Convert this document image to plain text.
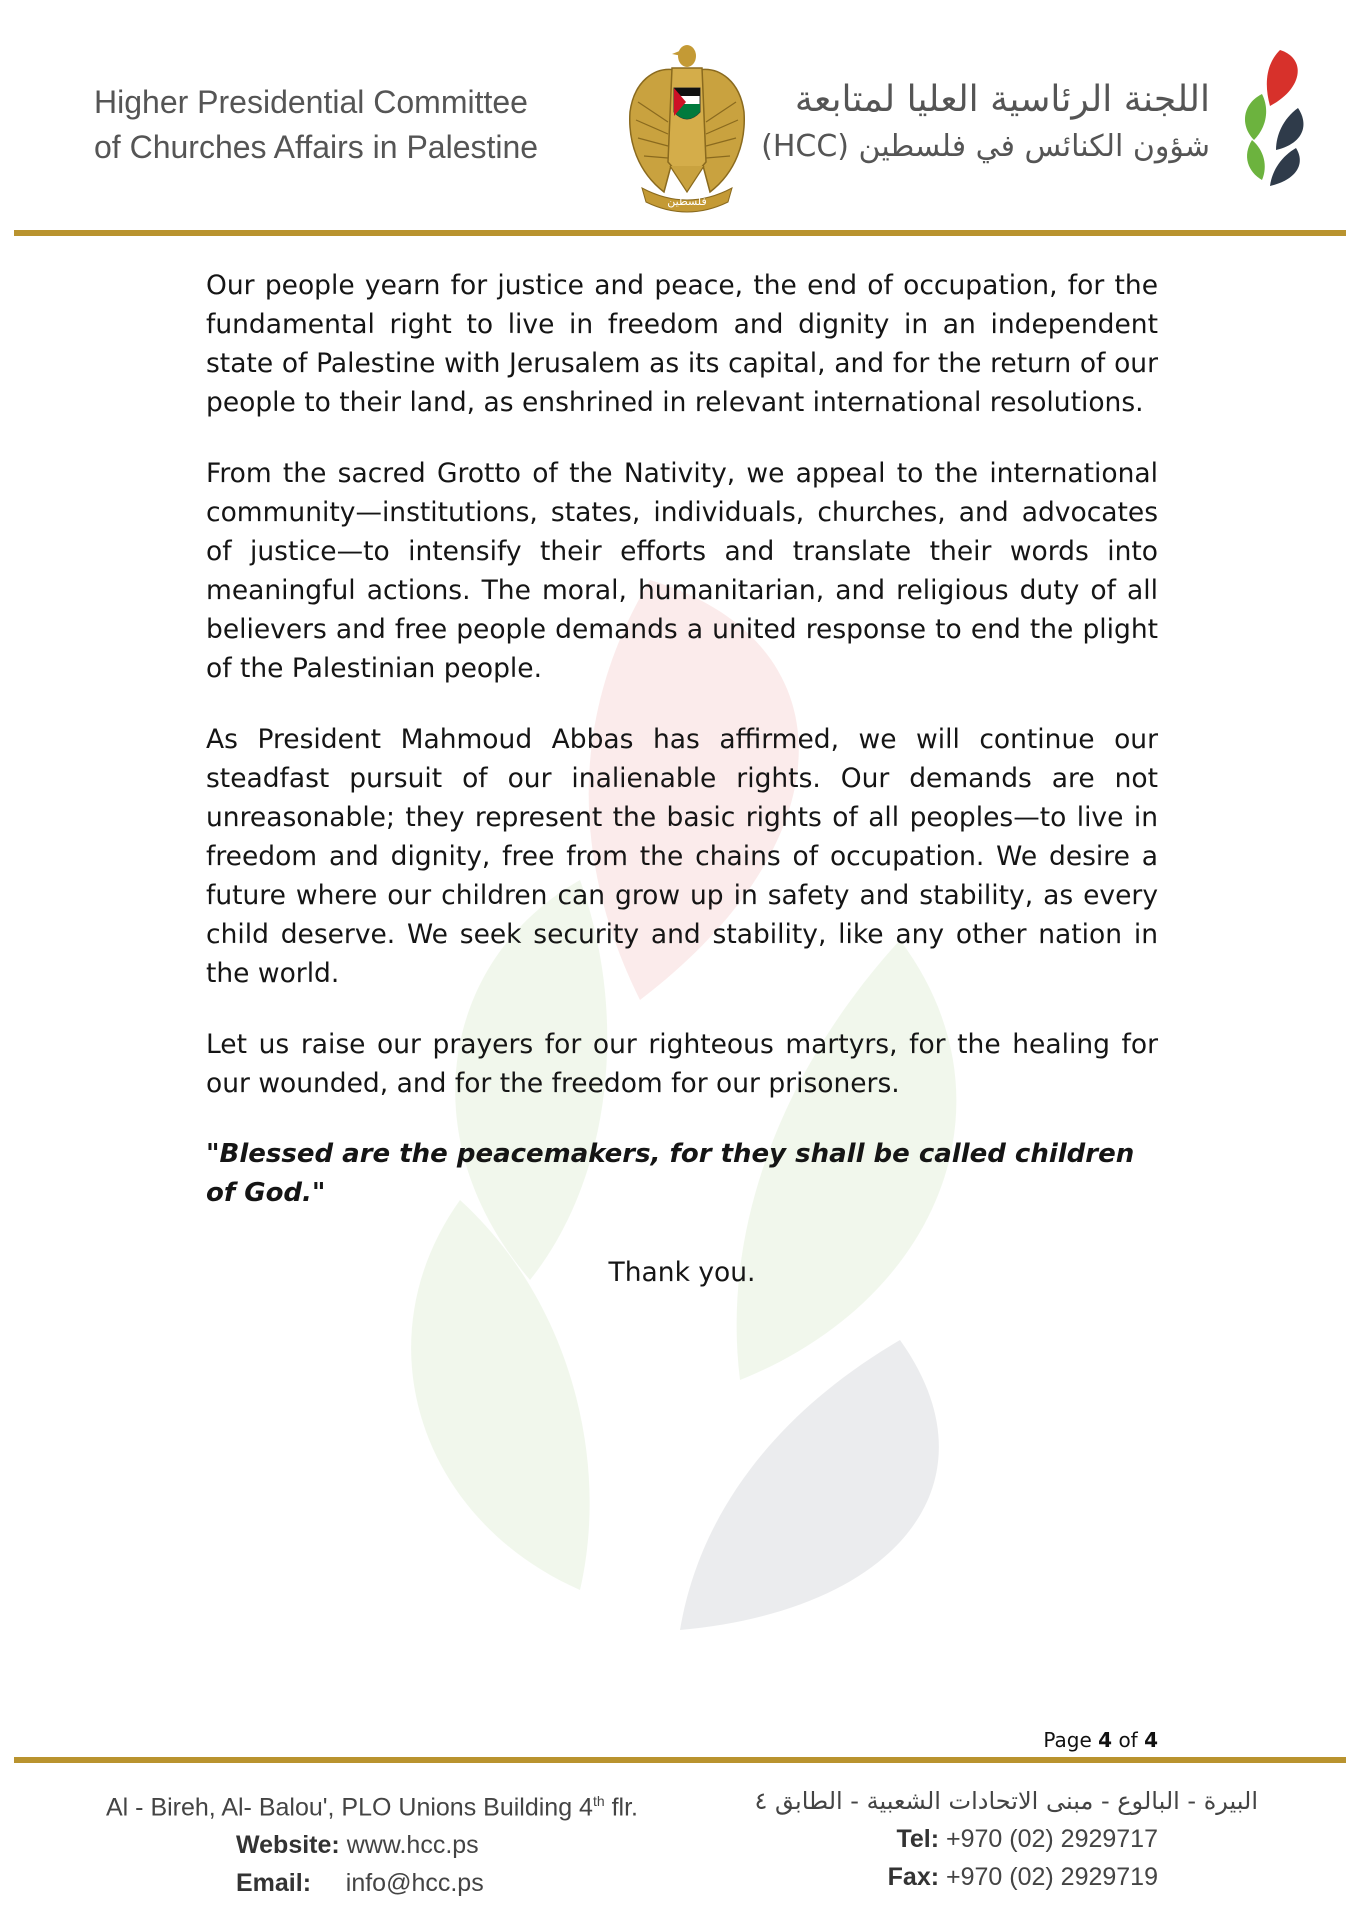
Higher Presidential Committee
of Churches Affairs in Palestine
فلسطين
اللجنة الرئاسية العليا لمتابعة
شؤون الكنائس في فلسطين (HCC)

Our people yearn for justice and peace, the end of occupation, for the fundamental right to live in freedom and dignity in an independent state of Palestine with Jerusalem as its capital, and for the return of our people to their land, as enshrined in relevant international resolutions.

From the sacred Grotto of the Nativity, we appeal to the international community—institutions, states, individuals, churches, and advocates of justice—to intensify their efforts and translate their words into meaningful actions. The moral, humanitarian, and religious duty of all believers and free people demands a united response to end the plight of the Palestinian people.

As President Mahmoud Abbas has affirmed, we will continue our steadfast pursuit of our inalienable rights. Our demands are not unreasonable; they represent the basic rights of all peoples—to live in freedom and dignity, free from the chains of occupation. We desire a future where our children can grow up in safety and stability, as every child deserve. We seek security and stability, like any other nation in the world.

Let us raise our prayers for our righteous martyrs, for the healing for our wounded, and for the freedom for our prisoners.

"Blessed are the peacemakers, for they shall be called children of God."

Thank you.

Page 4 of 4
Al - Bireh, Al- Balou', PLO Unions Building 4th flr.
Website: www.hcc.ps
Email: info@hcc.ps
البيرة - البالوع - مبنى الاتحادات الشعبية - الطابق ٤
Tel: +970 (02) 2929717
Fax: +970 (02) 2929719
